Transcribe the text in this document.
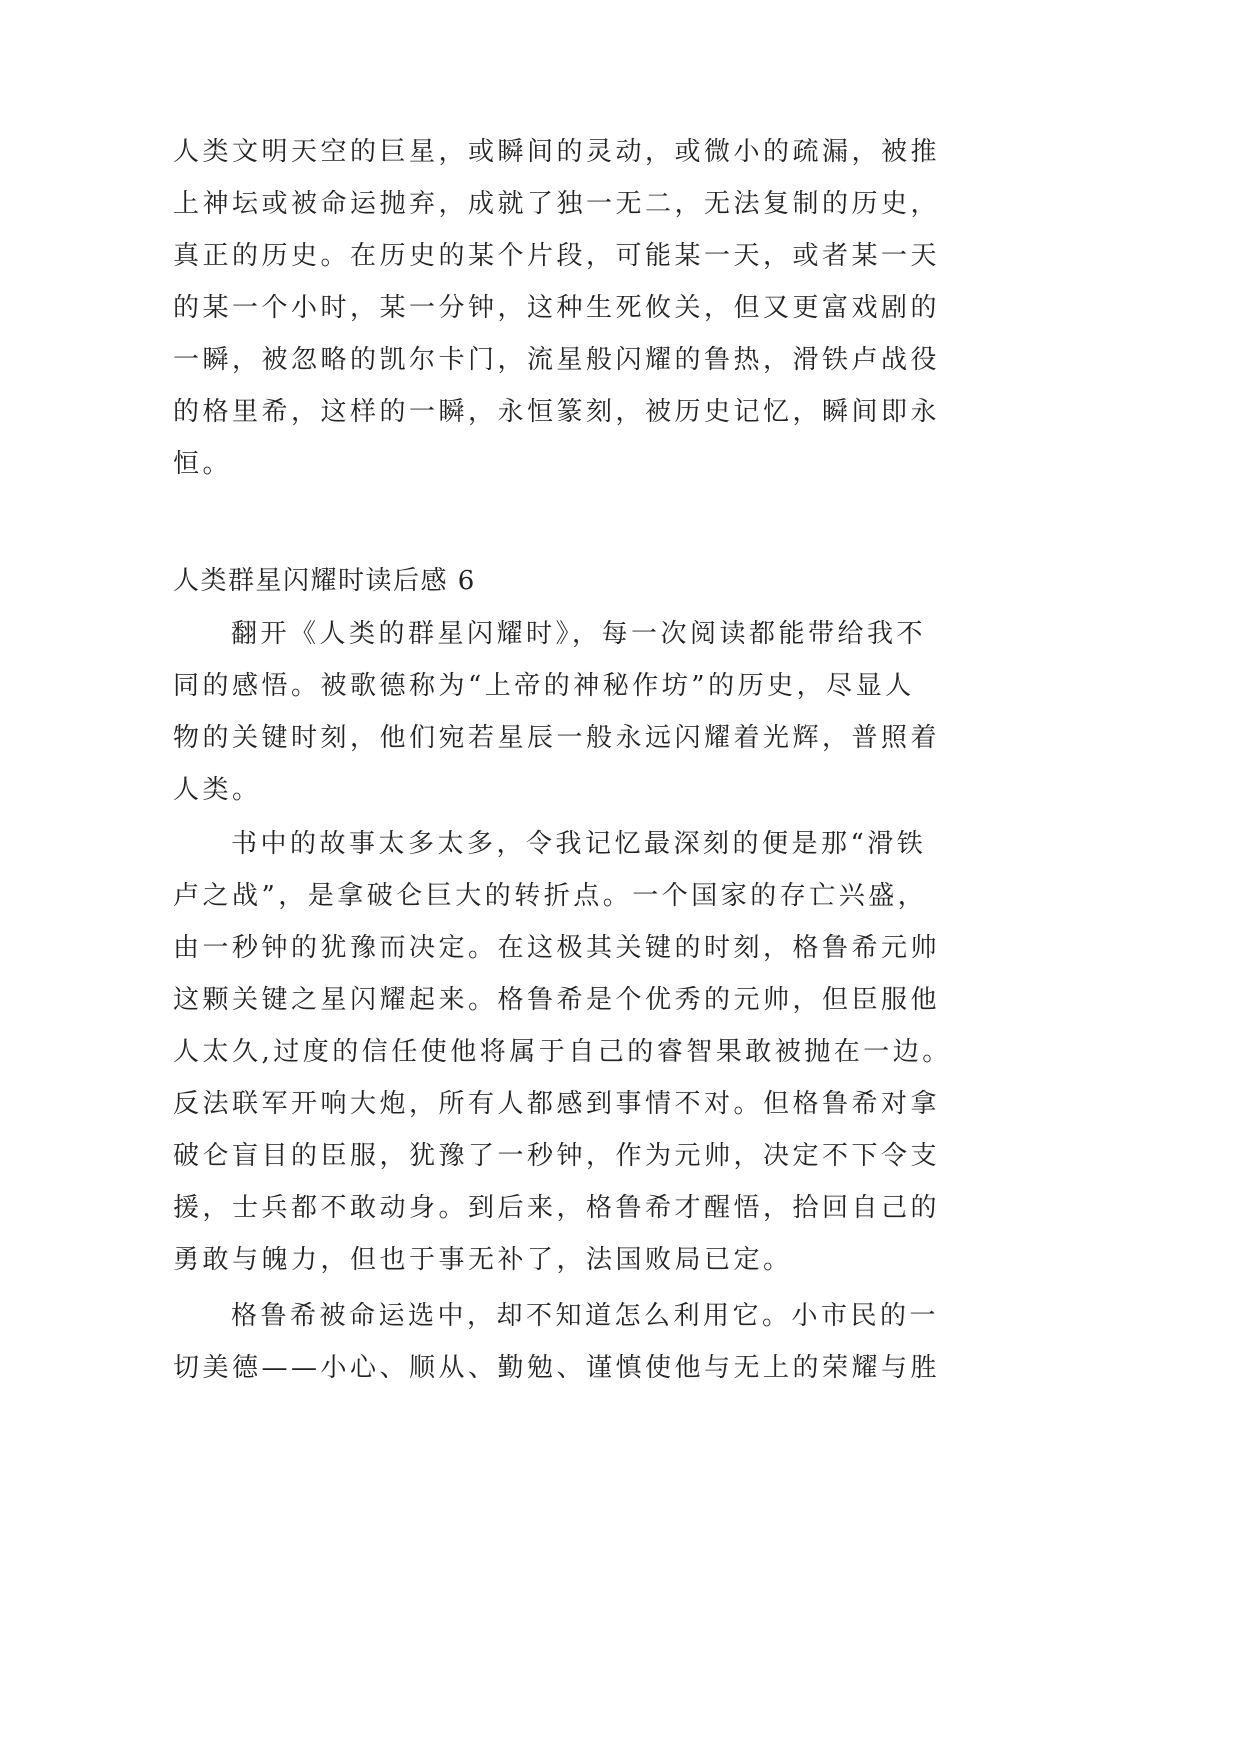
人类文明天空的巨星，或瞬间的灵动，或微小的疏漏，被推
上神坛或被命运抛弃，成就了独一无二，无法复制的历史，
真正的历史。在历史的某个片段，可能某一天，或者某一天
的某一个小时，某一分钟，这种生死攸关，但又更富戏剧的
一瞬，被忽略的凯尔卡门，流星般闪耀的鲁热，滑铁卢战役
的格里希，这样的一瞬，永恒篆刻，被历史记忆，瞬间即永
恒。
人类群星闪耀时读后感 6
翻开《人类的群星闪耀时》，每一次阅读都能带给我不
同的感悟。被歌德称为“上帝的神秘作坊”的历史，尽显人
物的关键时刻，他们宛若星辰一般永远闪耀着光辉，普照着
人类。
书中的故事太多太多，令我记忆最深刻的便是那“滑铁
卢之战”，是拿破仑巨大的转折点。一个国家的存亡兴盛，
由一秒钟的犹豫而决定。在这极其关键的时刻，格鲁希元帅
这颗关键之星闪耀起来。格鲁希是个优秀的元帅，但臣服他
人太久,过度的信任使他将属于自己的睿智果敢被抛在一边。
反法联军开响大炮，所有人都感到事情不对。但格鲁希对拿
破仑盲目的臣服，犹豫了一秒钟，作为元帅，决定不下令支
援，士兵都不敢动身。到后来，格鲁希才醒悟，拾回自己的
勇敢与魄力，但也于事无补了，法国败局已定。
格鲁希被命运选中，却不知道怎么利用它。小市民的一
切美德——小心、顺从、勤勉、谨慎使他与无上的荣耀与胜
